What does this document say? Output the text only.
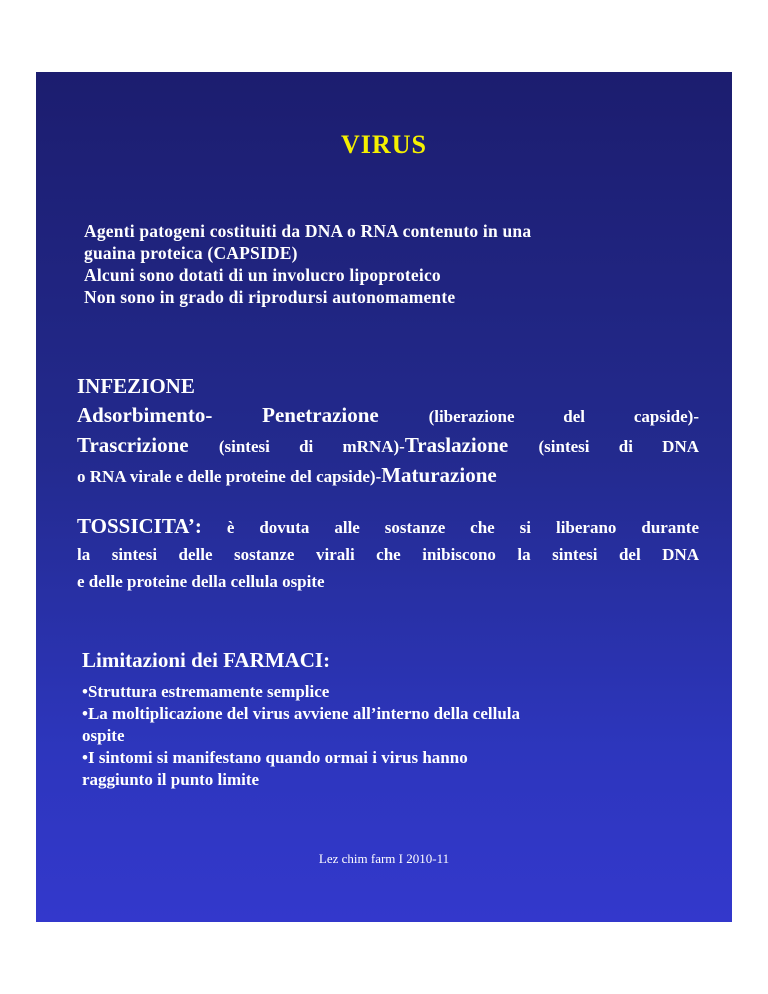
VIRUS
Agenti patogeni costituiti da DNA o RNA contenuto in una
guaina proteica (CAPSIDE)
Alcuni sono dotati di un involucro lipoproteico
Non sono in grado di riprodursi autonomamente
INFEZIONE
Adsorbimento- Penetrazione	(liberazione del capside)-
Trascrizione (sintesi di mRNA)-Traslazione (sintesi di DNA
o RNA virale e delle proteine del capside)-Maturazione
TOSSICITA’: è dovuta alle sostanze che si liberano durante
la sintesi delle sostanze virali che inibiscono la sintesi del DNA
e delle proteine della cellula ospite
Limitazioni dei FARMACI:
•Struttura estremamente semplice
•La moltiplicazione del virus avviene all’interno della cellula
ospite
•I sintomi si manifestano quando ormai i virus hanno
raggiunto il punto limite
Lez chim farm I 2010-11
